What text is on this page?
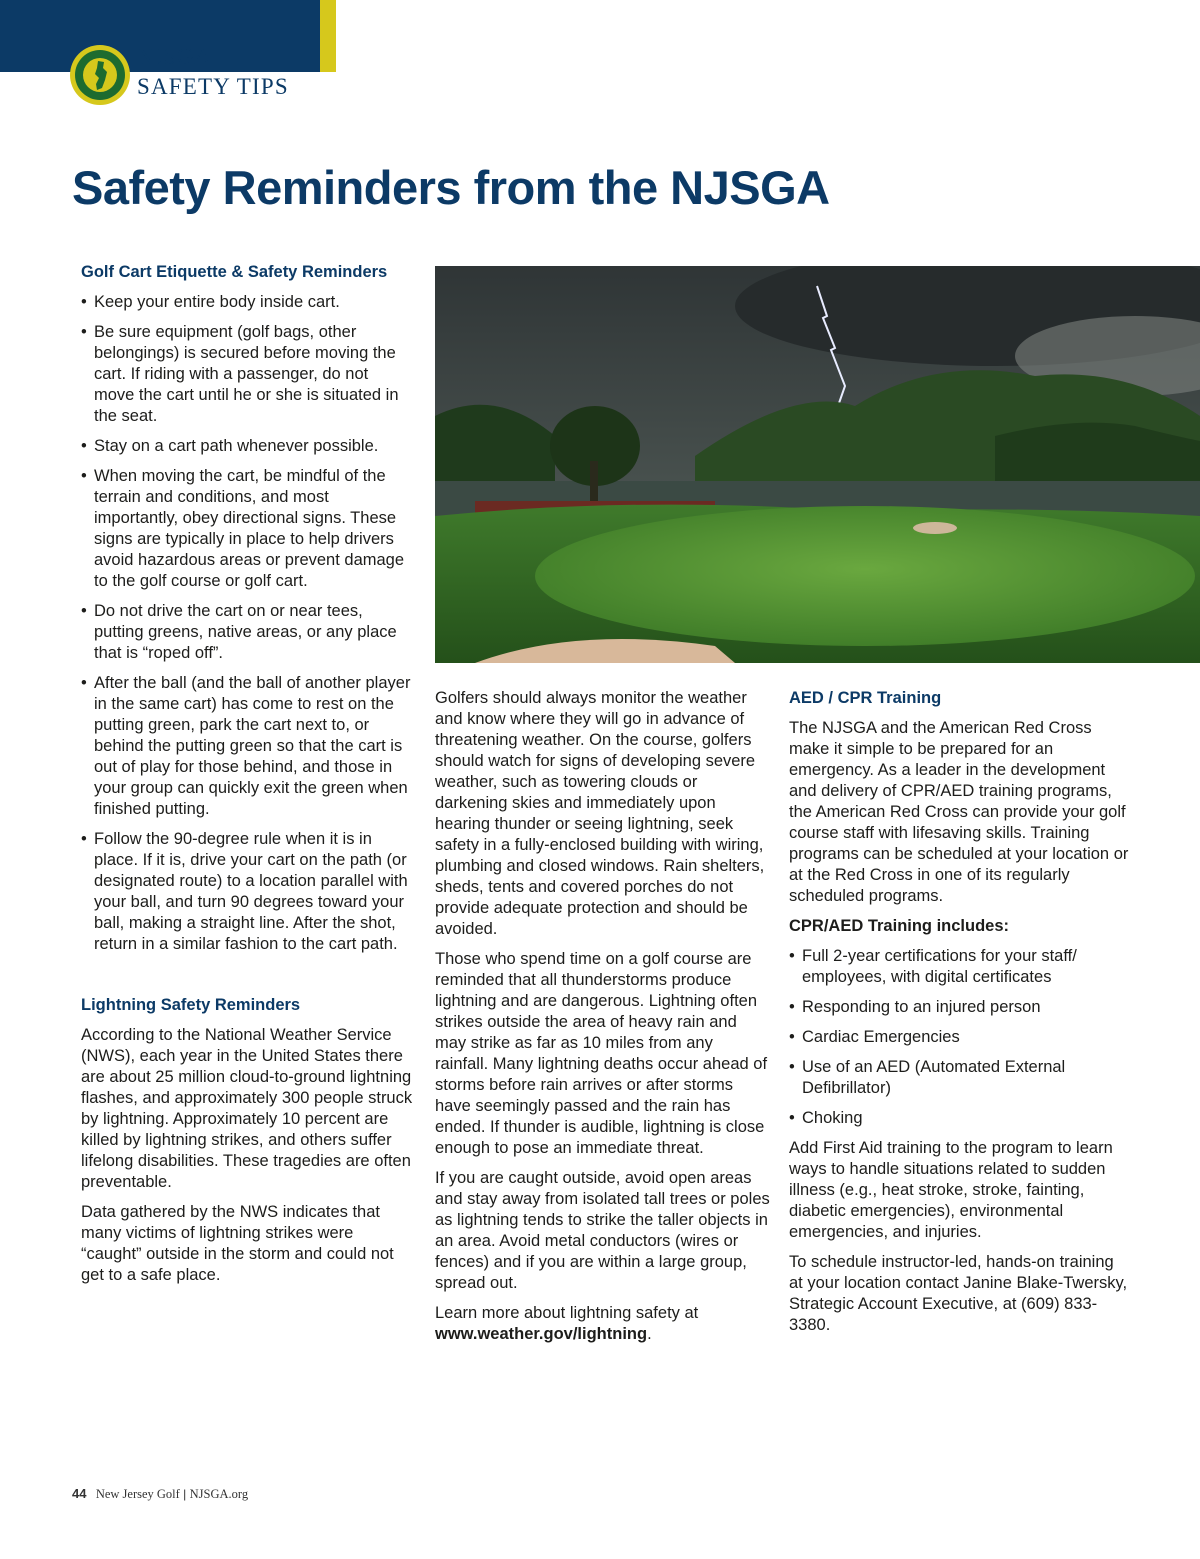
NJSGA
SAFETY TIPS
Safety Reminders from the NJSGA
Golf Cart Etiquette & Safety Reminders
• Keep your entire body inside cart.
• Be sure equipment (golf bags, other belongings) is secured before moving the cart. If riding with a passenger, do not move the cart until he or she is situated in the seat.
• Stay on a cart path whenever possible.
• When moving the cart, be mindful of the terrain and conditions, and most importantly, obey directional signs. These signs are typically in place to help drivers avoid hazardous areas or prevent damage to the golf course or golf cart.
• Do not drive the cart on or near tees, putting greens, native areas, or any place that is “roped off”.
• After the ball (and the ball of another player in the same cart) has come to rest on the putting green, park the cart next to, or behind the putting green so that the cart is out of play for those behind, and those in your group can quickly exit the green when finished putting.
• Follow the 90-degree rule when it is in place. If it is, drive your cart on the path (or designated route) to a location parallel with your ball, and turn 90 degrees toward your ball, making a straight line. After the shot, return in a similar fashion to the cart path.
Lightning Safety Reminders

According to the National Weather Service (NWS), each year in the United States there are about 25 million cloud-to-ground lightning flashes, and approximately 300 people struck by lightning. Approximately 10 percent are killed by lightning strikes, and others suffer lifelong disabilities. These tragedies are often preventable.

Data gathered by the NWS indicates that many victims of lightning strikes were “caught” outside in the storm and could not get to a safe place.

Golfers should always monitor the weather and know where they will go in advance of threatening weather. On the course, golfers should watch for signs of developing severe weather, such as towering clouds or darkening skies and immediately upon hearing thunder or seeing lightning, seek safety in a fully-enclosed building with wiring, plumbing and closed windows. Rain shelters, sheds, tents and covered porches do not provide adequate protection and should be avoided.

Those who spend time on a golf course are reminded that all thunderstorms produce lightning and are dangerous. Lightning often strikes outside the area of heavy rain and may strike as far as 10 miles from any rainfall. Many lightning deaths occur ahead of storms before rain arrives or after storms have seemingly passed and the rain has ended. If thunder is audible, lightning is close enough to pose an immediate threat.

If you are caught outside, avoid open areas and stay away from isolated tall trees or poles as lightning tends to strike the taller objects in an area. Avoid metal conductors (wires or fences) and if you are within a large group, spread out.

Learn more about lightning safety at www.weather.gov/lightning.

AED / CPR Training

The NJSGA and the American Red Cross make it simple to be prepared for an emergency. As a leader in the development and delivery of CPR/AED training programs, the American Red Cross can provide your golf course staff with lifesaving skills. Training programs can be scheduled at your location or at the Red Cross in one of its regularly scheduled programs.

CPR/AED Training includes:
• Full 2-year certifications for your staff/ employees, with digital certificates
• Responding to an injured person
• Cardiac Emergencies
• Use of an AED (Automated External Defibrillator)
• Choking

Add First Aid training to the program to learn ways to handle situations related to sudden illness (e.g., heat stroke, stroke, fainting, diabetic emergencies), environmental emergencies, and injuries.

To schedule instructor-led, hands-on training at your location contact Janine Blake-Twersky, Strategic Account Executive, at (609) 833-3380.

44 New Jersey Golf | NJSGA.org
